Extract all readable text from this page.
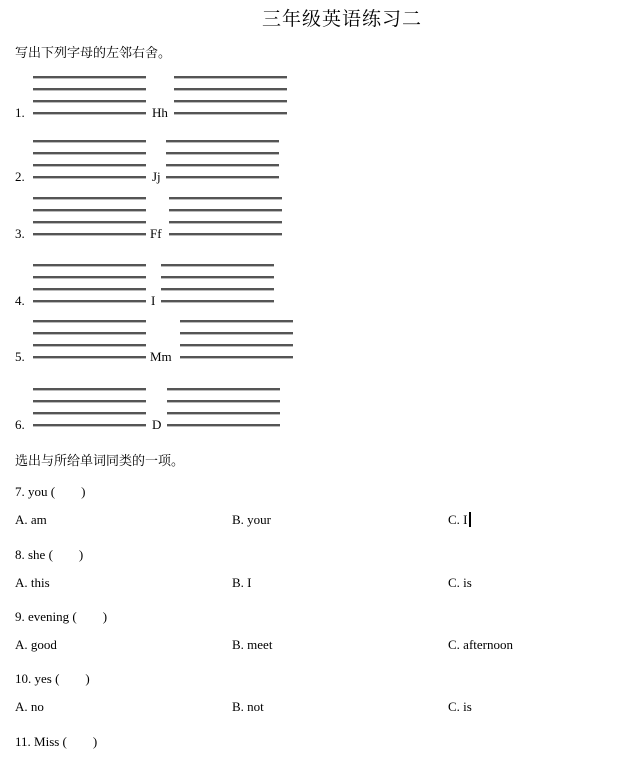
三年级英语练习二
写出下列字母的左邻右舍。
1.	Hh
2.	Jj
3.	Ff
4.	I
5.	Mm
6.	D
选出与所给单词同类的一项。
7. you (　　)
A. am	B. your	C. I
8. she (　　)
A. this	B. I	C. is
9. evening (　　)
A. good	B. meet	C. afternoon
10. yes (　　)
A. no	B. not	C. is
11. Miss (　　)
